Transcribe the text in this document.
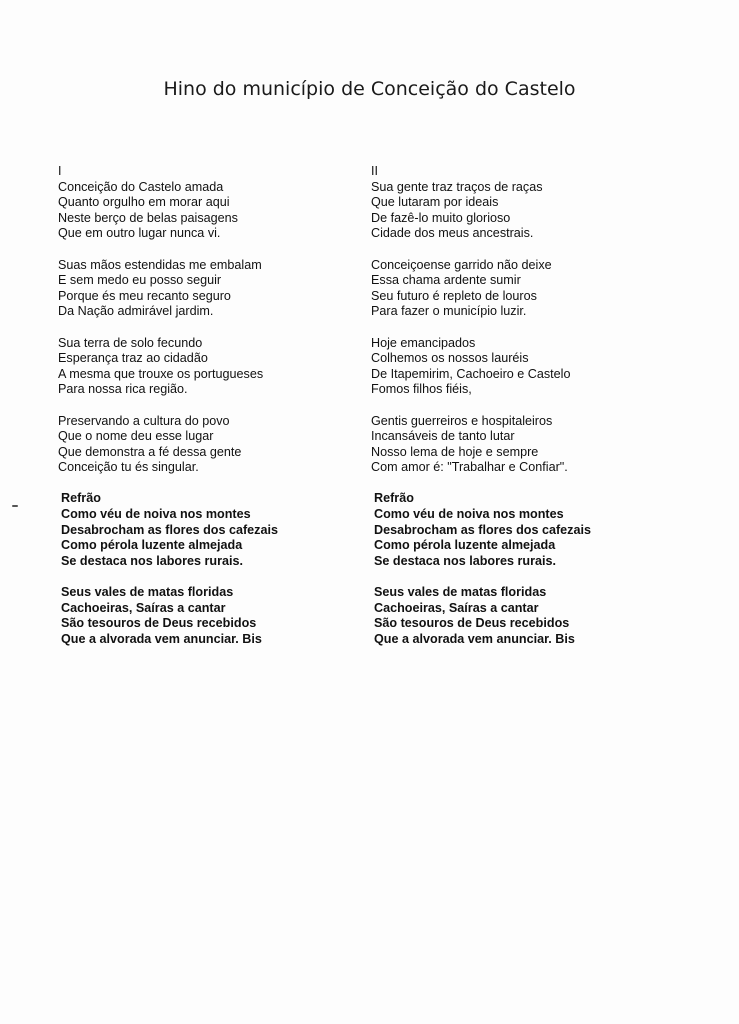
Hino do município de Conceição do Castelo
I
Conceição do Castelo amada
Quanto orgulho em morar aqui
Neste berço de belas paisagens
Que em outro lugar nunca vi.
Suas mãos estendidas me embalam
E sem medo eu posso seguir
Porque és meu recanto seguro
Da Nação admirável jardim.
Sua terra de solo fecundo
Esperança traz ao cidadão
A mesma que trouxe os portugueses
Para nossa rica região.
Preservando a cultura do povo
Que o nome deu esse lugar
Que demonstra a fé dessa gente
Conceição tu és singular.
Refrão
Como véu de noiva nos montes
Desabrocham as flores dos cafezais
Como pérola luzente almejada
Se destaca nos labores rurais.
Seus vales de matas floridas
Cachoeiras, Saíras a cantar
São tesouros de Deus recebidos
Que a alvorada vem anunciar. Bis
II
Sua gente traz traços de raças
Que lutaram por ideais
De fazê-lo muito glorioso
Cidade dos meus ancestrais.
Conceiçoense garrido não deixe
Essa chama ardente sumir
Seu futuro é repleto de louros
Para fazer o município luzir.
Hoje emancipados
Colhemos os nossos lauréis
De Itapemirim, Cachoeiro e Castelo
Fomos filhos fiéis,
Gentis guerreiros e hospitaleiros
Incansáveis de tanto lutar
Nosso lema de hoje e sempre
Com amor é: "Trabalhar e Confiar".
Refrão
Como véu de noiva nos montes
Desabrocham as flores dos cafezais
Como pérola luzente almejada
Se destaca nos labores rurais.
Seus vales de matas floridas
Cachoeiras, Saíras a cantar
São tesouros de Deus recebidos
Que a alvorada vem anunciar. Bis
